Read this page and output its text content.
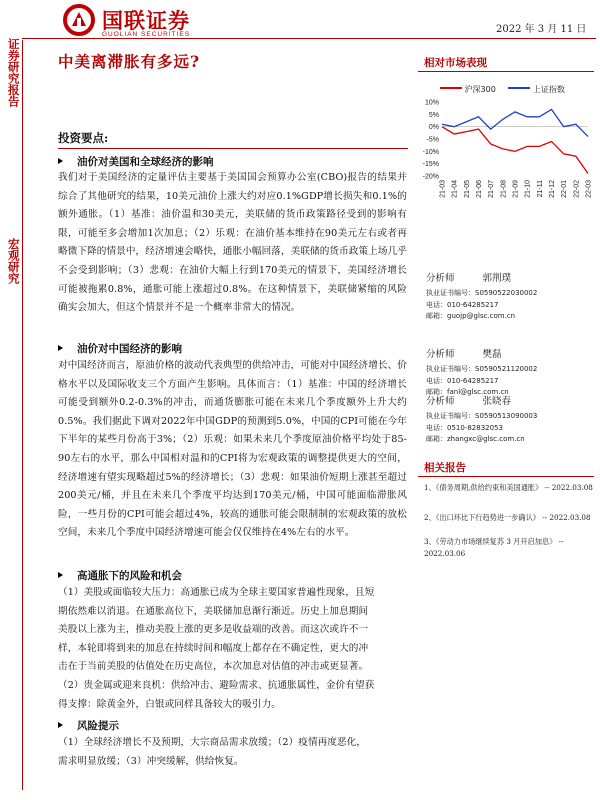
国联证券
GUOLIAN SECURITIES	2022 年 3 月 11 日
证券研究报告
宏观研究
中美离滞胀有多远?
投资要点:
油价对美国和全球经济的影响
我们对于美国经济的定量评估主要基于美国国会预算办公室(CBO)报告的结果并综合了其他研究的结果，10美元油价上涨大约对应0.1%GDP增长损失和0.1%的额外通胀。（1）基准：油价温和30美元，美联储的货币政策路径受到的影响有限，可能至多会增加1次加息；（2）乐观：在油价基本维持在90美元左右或者再略微下降的情景中，经济增速会略快，通胀小幅回落，美联储的货币政策上场几乎不会受到影响；（3）悲观：在油价大幅上行到170美元的情景下，美国经济增长可能被拖累0.8%，通胀可能上涨超过0.8%。在这种情景下，美联储紧缩的风险确实会加大，但这个情景并不是一个概率非常大的情况。
油价对中国经济的影响
对中国经济而言，原油价格的波动代表典型的供给冲击，可能对中国经济增长、价格水平以及国际收支三个方面产生影响。具体而言：（1）基准：中国的经济增长可能受到额外0.2-0.3%的冲击，而通货膨胀可能在未来几个季度额外上升大约0.5%。我们据此下调对2022年中国GDP的预测到5.0%，中国的CPI可能在今年下半年的某些月份高于3%；（2）乐观：如果未来几个季度原油价格平均处于85-90左右的水平，那么中国相对温和的CPI将为宏观政策的调整提供更大的空间，经济增速有望实现略超过5%的经济增长；（3）悲观：如果油价短期上涨甚至超过200美元/桶，并且在未来几个季度平均达到170美元/桶，中国可能面临滞胀风险，一些月份的CPI可能会超过4%，较高的通胀可能会限制制的宏观政策的放松空间，未来几个季度中国经济增速可能会仅仅维持在4%左右的水平。
高通胀下的风险和机会
（1）美股或面临较大压力：高通胀已成为全球主要国家普遍性现象，且短
期依然难以消退。在通胀高位下，美联储加息渐行渐近。历史上加息期间
美股以上涨为主，推动美股上涨的更多是收益端的改善。而这次或许不一
样，本轮即将到来的加息在持续时间和幅度上都存在不确定性，更大的冲
击在于当前美股的估值处在历史高位，本次加息对估值的冲击或更显著。
（2）贵金属或迎来良机：供给冲击、避险需求、抗通胀属性，金价有望获
得支撑：除黄金外，白银或同样具备较大的吸引力。
风险提示
（1）全球经济增长不及预期，大宗商品需求放缓；（2）疫情再度恶化，
需求明显放缓；（3）冲突缓解，供给恢复。
相对市场表现
沪深300	上证指数
10%
5%
0%
-5%
-10%
-15%
-20%
21-03 21-04 21-05 21-06 21-07 21-08 21-09 21-10 21-11 21-12 22-01 22-02 22-03
分析师	郭荆璞
执业证书编号：S0590522030002
电话：010-64285217
邮箱：guojp@glsc.com.cn
分析师	樊磊
执业证书编号：S0590521120002
电话：010-64285217
邮箱：fanl@glsc.com.cn
分析师	张晓春
执业证书编号：S0590513090003
电话：0510-82832053
邮箱：zhangxc@glsc.com.cn
相关报告
1、《债务周期,供给约束和美国通胀》 -- 2022.03.08
2、《出口环比下行趋势进一步确认》 -- 2022.03.08
3、《劳动力市场继续复苏 3 月开启加息》 -- 2022.03.06
